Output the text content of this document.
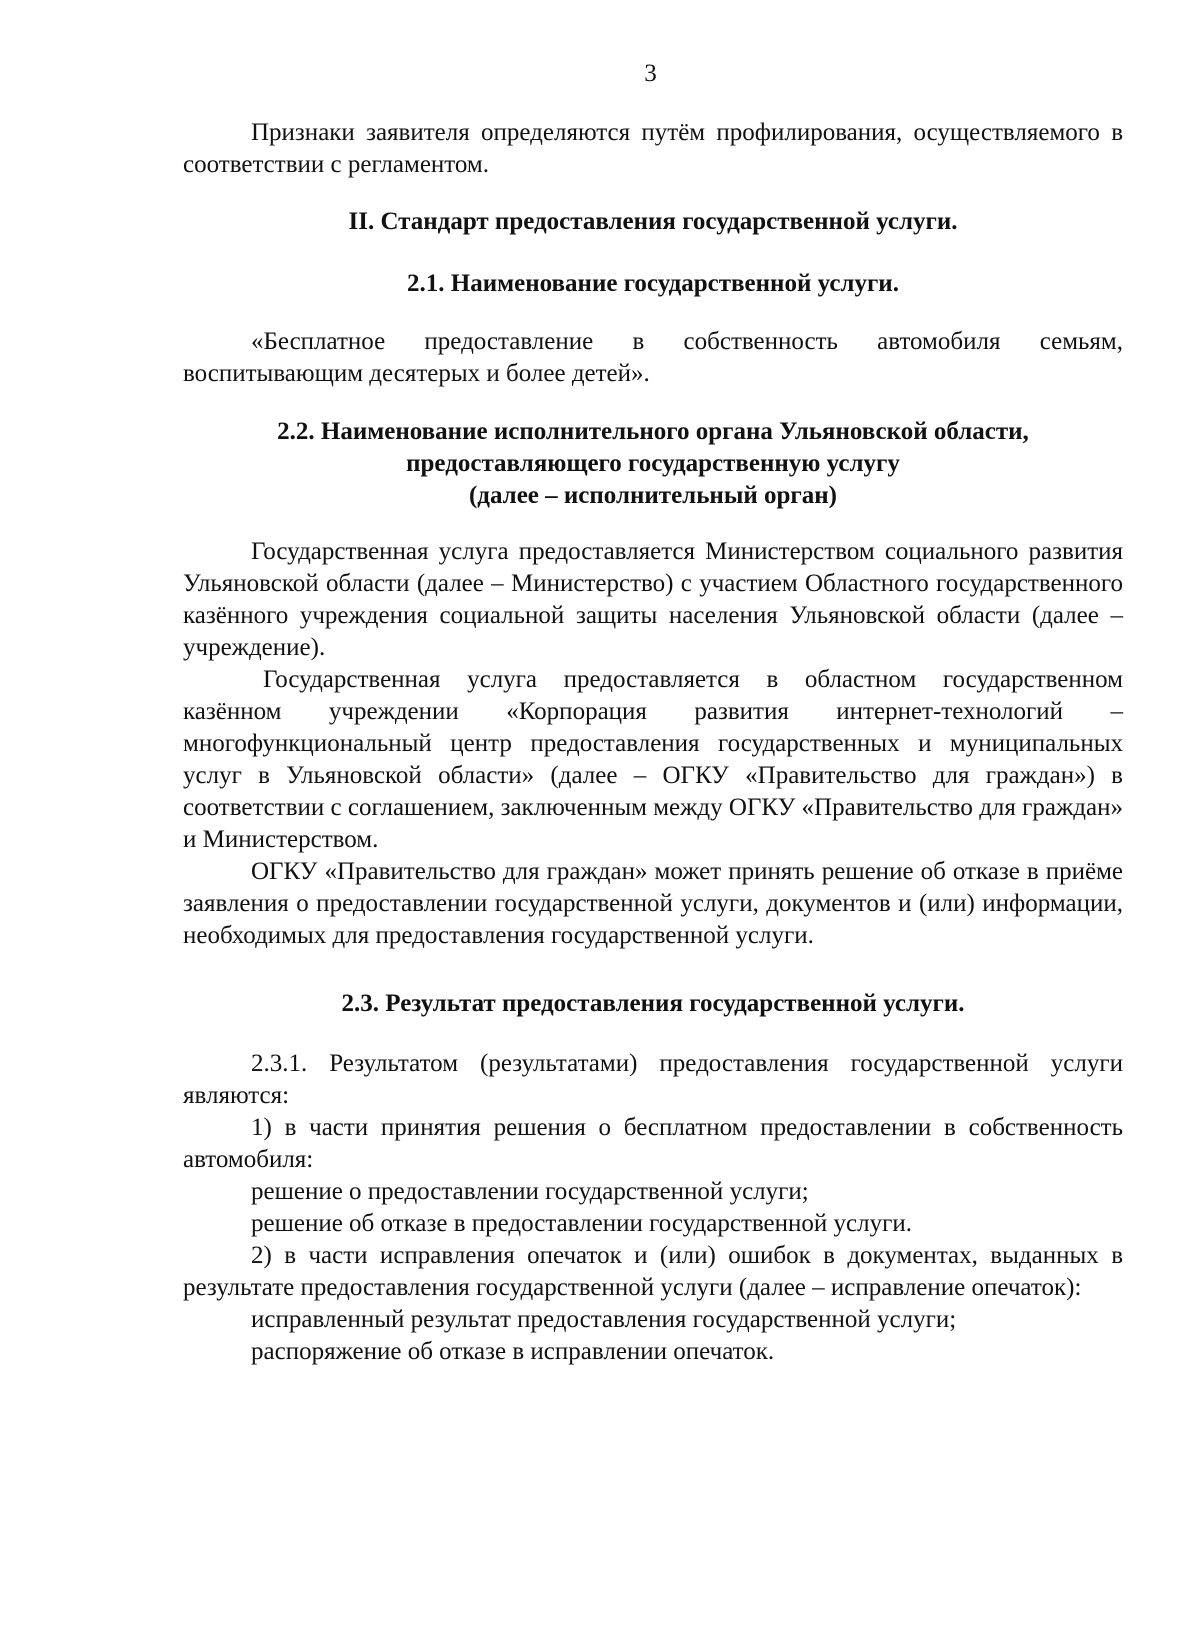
3

Признаки заявителя определяются путём профилирования, осуществляемого в соответствии с регламентом.

II. Стандарт предоставления государственной услуги.
2.1. Наименование государственной услуги.

«Бесплатное предоставление в собственность автомобиля семьям, воспитывающим десятерых и более детей».

2.2. Наименование исполнительного органа Ульяновской области,
предоставляющего государственную услугу
(далее – исполнительный орган)

Государственная услуга предоставляется Министерством социального развития Ульяновской области (далее – Министерство) с участием Областного государственного казённого учреждения социальной защиты населения Ульяновской области (далее – учреждение).

Государственная услуга предоставляется в областном государственном казённом учреждении «Корпорация развития интернет-технологий – многофункциональный центр предоставления государственных и муниципальных услуг в Ульяновской области» (далее – ОГКУ «Правительство для граждан») в соответствии с соглашением, заключенным между ОГКУ «Правительство для граждан» и Министерством.

ОГКУ «Правительство для граждан» может принять решение об отказе в приёме заявления о предоставлении государственной услуги, документов и (или) информации, необходимых для предоставления государственной услуги.

2.3. Результат предоставления государственной услуги.

2.3.1. Результатом (результатами) предоставления государственной услуги являются:

1) в части принятия решения о бесплатном предоставлении в собственность автомобиля:

решение о предоставлении государственной услуги;

решение об отказе в предоставлении государственной услуги.

2) в части исправления опечаток и (или) ошибок в документах, выданных в результате предоставления государственной услуги (далее – исправление опечаток):

исправленный результат предоставления государственной услуги;

распоряжение об отказе в исправлении опечаток.
